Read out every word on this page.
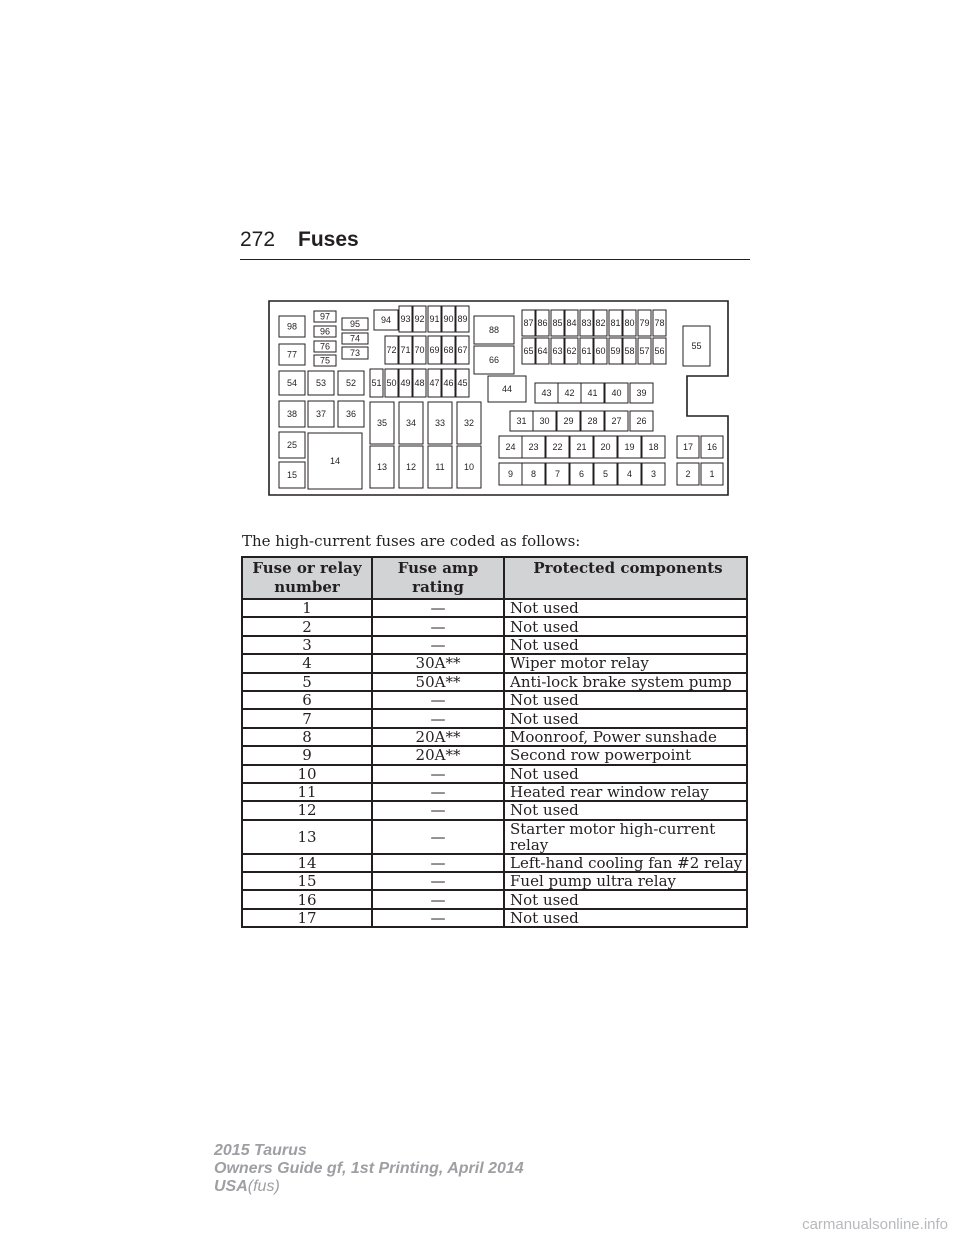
272 Fuses
98
97
96
95
74
77
76
75
73
94 93 92 91 90 89
88
72 71 70 69 68 67
66
87 86 85 84 83 82 81 80 79 78
65 64 63 62 61 60 59 58 57 56	55
54 53 52 51 50 49 48 47 46 45
44	43 42 41 40 39
38 37 36
35 34 33 32	31 30 29 28 27 26
25
14
24 23 22 21 20 19 18	17 16
15
13 12 11 10
9 8 7 6 5 4 3	2 1
The high-current fuses are coded as follows:
Fuse or relay number	Fuse amp rating	Protected components
1	—	Not used
2	—	Not used
3	—	Not used
4	30A**	Wiper motor relay
5	50A**	Anti-lock brake system pump
6	—	Not used
7	—	Not used
8	20A**	Moonroof, Power sunshade
9	20A**	Second row powerpoint
10	—	Not used
11	—	Heated rear window relay
12	—	Not used
13	—	Starter motor high-current relay
14	—	Left-hand cooling fan #2 relay
15	—	Fuel pump ultra relay
16	—	Not used
17	—	Not used
2015 Taurus
Owners Guide gf, 1st Printing, April 2014
USA(fus)
carmanualsonline.info
